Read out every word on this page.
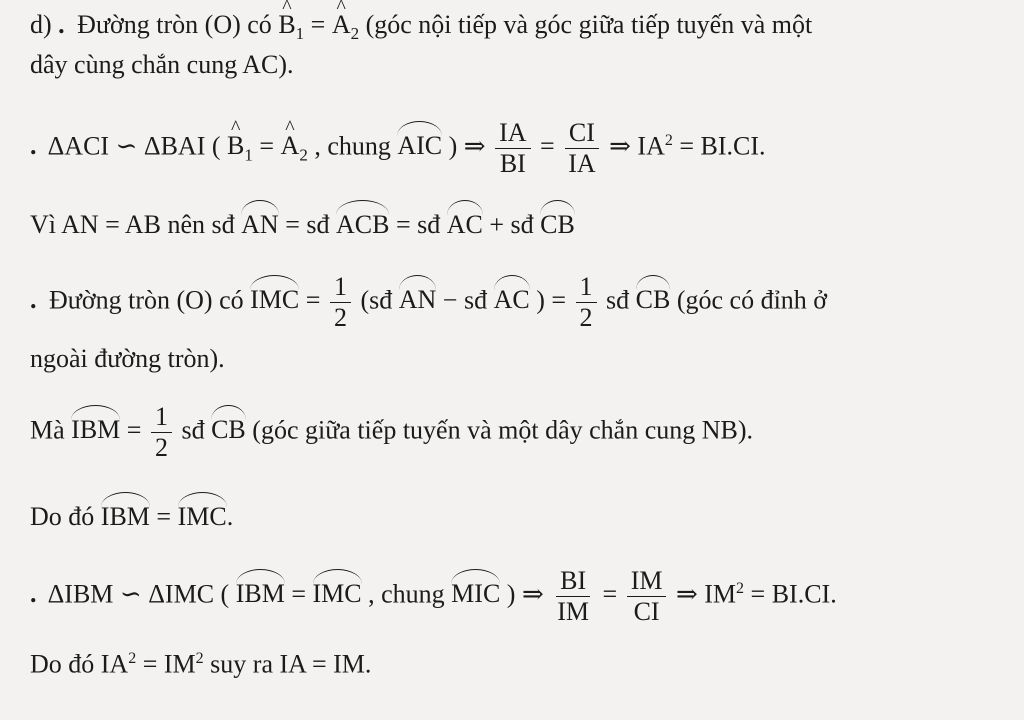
d) . Đường tròn (O) có ^ $B_1$ = ^ $A_2$ (góc nội tiếp và góc giữa tiếp tuyến và một
dây cùng chắn cung AC).
. ΔACI ∽ ΔBAI ( ^ $B_1$ = ^ $A_2$ , chung AIC ) ⇒ $\frac{IA}{BI} = \frac{CI}{IA}$ ⇒ $IA^2 = BI.CI$.
Vì AN = AB nên sđ AN = sđ ACB = sđ AC + sđ CB
. Đường tròn (O) có IMC = $\frac{1}{2}$ (sđ AN − sđ AC ) = $\frac{1}{2}$ sđ CB (góc có đỉnh ở
ngoài đường tròn).
Mà IBM = $\frac{1}{2}$ sđ CB (góc giữa tiếp tuyến và một dây chắn cung NB).
Do đó IBM = IMC.
. ΔIBM ∽ ΔIMC ( IBM = IMC , chung MIC ) ⇒ $\frac{BI}{IM} = \frac{IM}{CI}$ ⇒ $IM^2 = BI.CI$.
Do đó $IA^2 = IM^2$ suy ra IA = IM.
